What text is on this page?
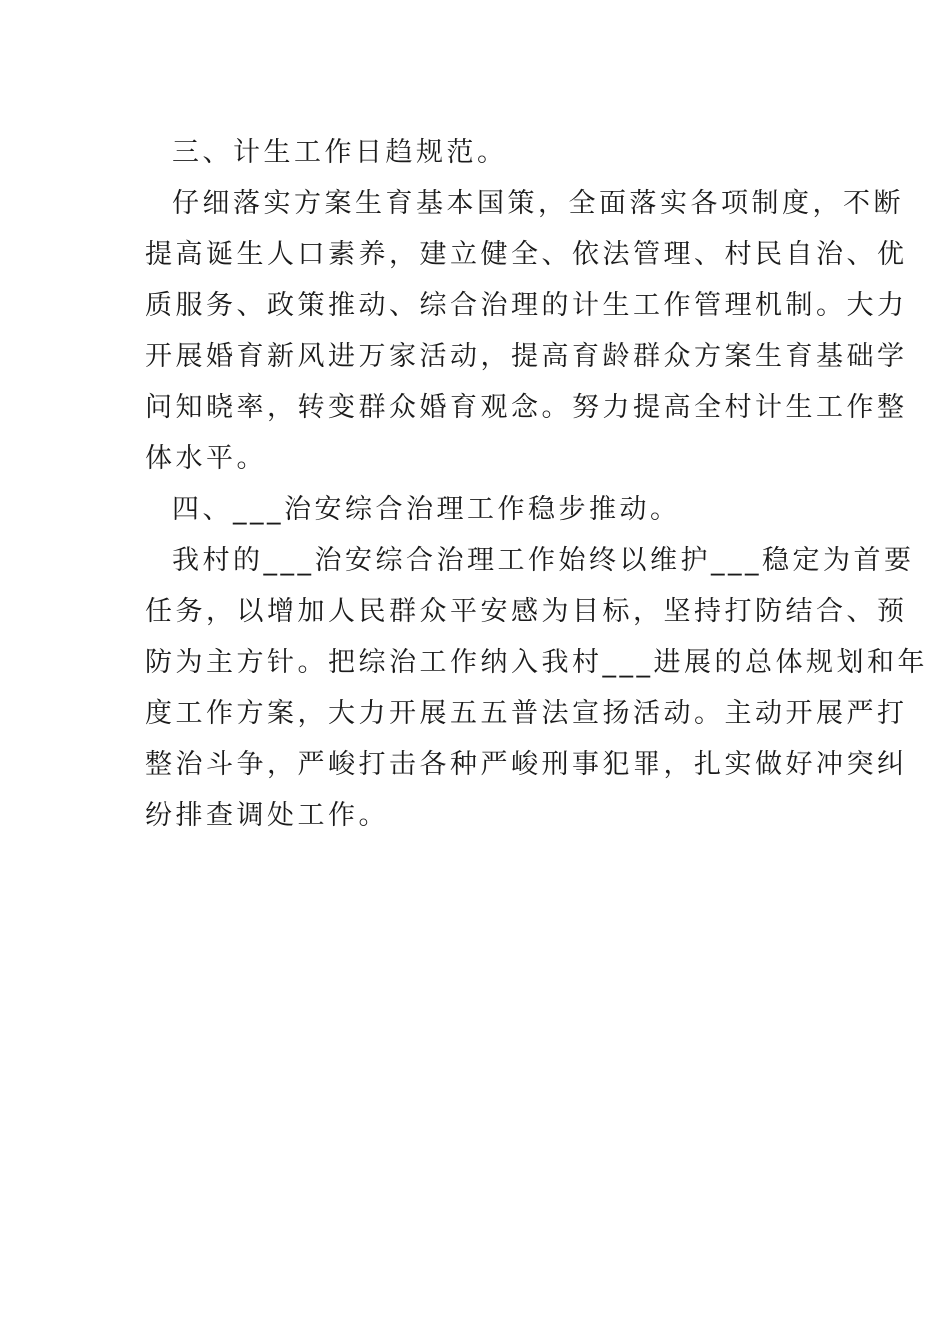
三、计生工作日趋规范。
仔细落实方案生育基本国策，全面落实各项制度，不断
提高诞生人口素养，建立健全、依法管理、村民自治、优
质服务、政策推动、综合治理的计生工作管理机制。大力
开展婚育新风进万家活动，提高育龄群众方案生育基础学
问知晓率，转变群众婚育观念。努力提高全村计生工作整
体水平。
四、___治安综合治理工作稳步推动。
我村的___治安综合治理工作始终以维护___稳定为首要
任务，以增加人民群众平安感为目标，坚持打防结合、预
防为主方针。把综治工作纳入我村___进展的总体规划和年
度工作方案，大力开展五五普法宣扬活动。主动开展严打
整治斗争，严峻打击各种严峻刑事犯罪，扎实做好冲突纠
纷排查调处工作。
